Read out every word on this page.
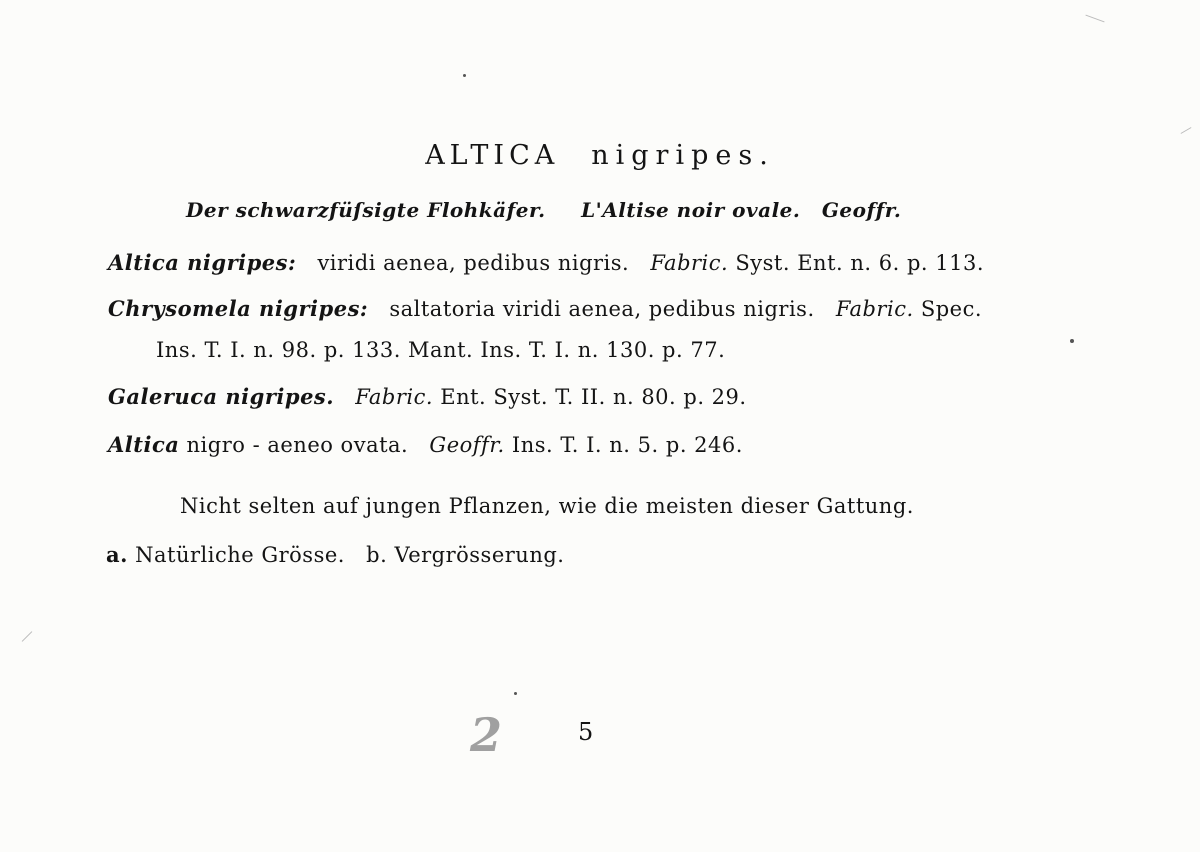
ALTICA nigripes.
Der schwarzfüſsigte Flohkäfer. L'Altise noir ovale. Geoffr.
Altica nigripes: viridi aenea, pedibus nigris. Fabric. Syst. Ent. n. 6. p. 113.
Chrysomela nigripes: saltatoria viridi aenea, pedibus nigris. Fabric. Spec.
Ins. T. I. n. 98. p. 133. Mant. Ins. T. I. n. 130. p. 77.
Galeruca nigripes. Fabric. Ent. Syst. T. II. n. 80. p. 29.
Altica nigro - aeneo ovata. Geoffr. Ins. T. I. n. 5. p. 246.
Nicht selten auf jungen Pflanzen, wie die meisten dieser Gattung.
a. Natürliche Grösse. b. Vergrösserung.
2	5
